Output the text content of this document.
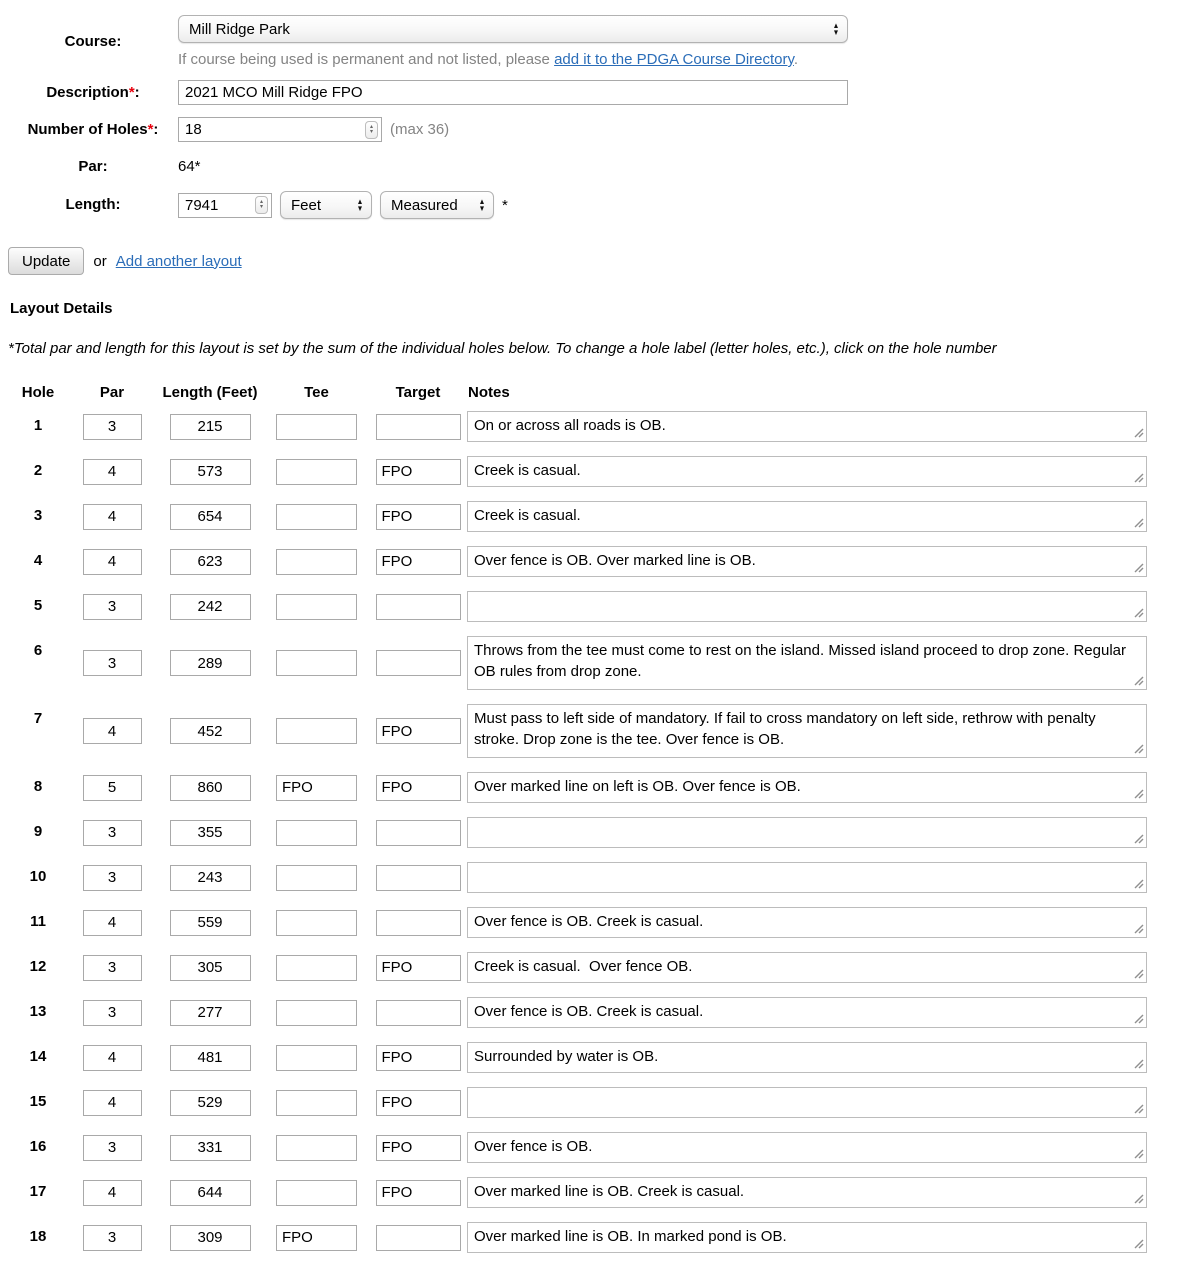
Course:
Mill Ridge Park	▲
▼
If course being used is permanent and not listed, please add it to the PDGA Course Directory.
Description*:
2021 MCO Mill Ridge FPO
Number of Holes*:
18	▴
▾ (max 36)
Par:	64*
Length:
7941	▴
▾ Feet	▲
▼ Measured	▲
▼ *
Update	or Add another layout
Layout Details
*Total par and length for this layout is set by the sum of the individual holes below. To change a hole label (letter holes, etc.), click on the hole number
Hole	Par	Length (Feet)	Tee	Target	Notes
1	3	215			
On or across all roads is OB.

2	4	573		FPO	
Creek is casual.

3	4	654		FPO	
Creek is casual.

4	4	623		FPO	
Over fence is OB. Over marked line is OB.

5	3	242			

6	3	289			
Throws from the tee must come to rest on the island. Missed island proceed to drop zone. Regular OB rules from drop zone.

7	4	452		FPO	
Must pass to left side of mandatory. If fail to cross mandatory on left side, rethrow with penalty stroke. Drop zone is the tee. Over fence is OB.

8	5	860	FPO	FPO	
Over marked line on left is OB. Over fence is OB.

9	3	355			

10	3	243			

11	4	559			
Over fence is OB. Creek is casual.

12	3	305		FPO	
Creek is casual. Over fence OB.

13	3	277			
Over fence is OB. Creek is casual.

14	4	481		FPO	
Surrounded by water is OB.

15	4	529		FPO	

16	3	331		FPO	
Over fence is OB.

17	4	644		FPO	
Over marked line is OB. Creek is casual.

18	3	309	FPO		
Over marked line is OB. In marked pond is OB.
